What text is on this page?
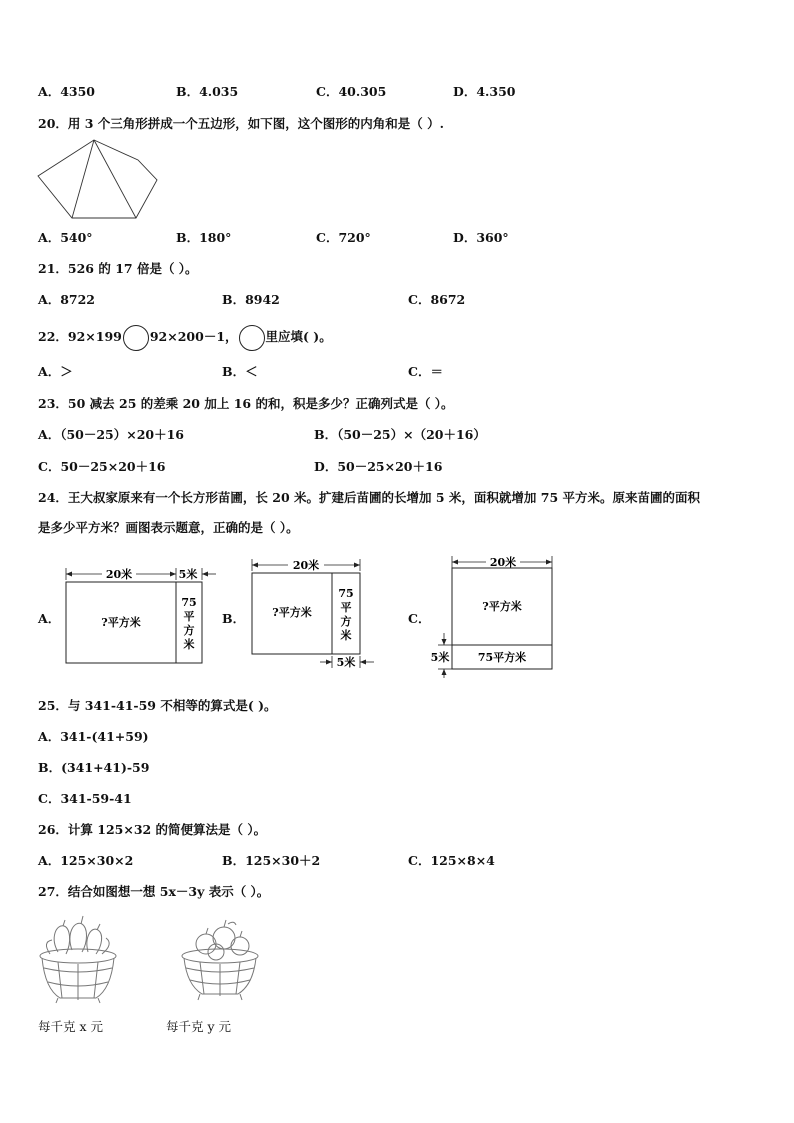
A．4350	B．4.035	C．40.305	D．4.350
20．用 3 个三角形拼成一个五边形，如下图，这个图形的内角和是（ ）.
A．540°	B．180°	C．720°	D．360°
21．526 的 17 倍是（ ）。
A．8722	B．8942	C．8672
22．92×199 92×200－1， 里应填( )。
A．＞	B．＜	C．＝
23．50 减去 25 的差乘 20 加上 16 的和，积是多少？正确列式是（ ）。
A．（50－25）×20＋16	B．（50－25）×（20＋16）
C．50－25×20＋16	D．50－25×20＋16
24．王大叔家原来有一个长方形苗圃，长 20 米。扩建后苗圃的长增加 5 米，面积就增加 75 平方米。原来苗圃的面积
是多少平方米？画图表示题意，正确的是（ ）。
A．	B．	C．
20米	5米
?平方米
75
平
方
米
20米
?平方米
75
平
方
米
5米
20米
?平方米
75平方米
5米
25．与 341-41-59 不相等的算式是( )。
A．341-(41+59)
B．(341+41)-59
C．341-59-41
26．计算 125×32 的简便算法是（ ）。
A．125×30×2	B．125×30＋2	C．125×8×4
27．结合如图想一想 5x－3y 表示（ ）。
每千克 x 元	每千克 y 元
